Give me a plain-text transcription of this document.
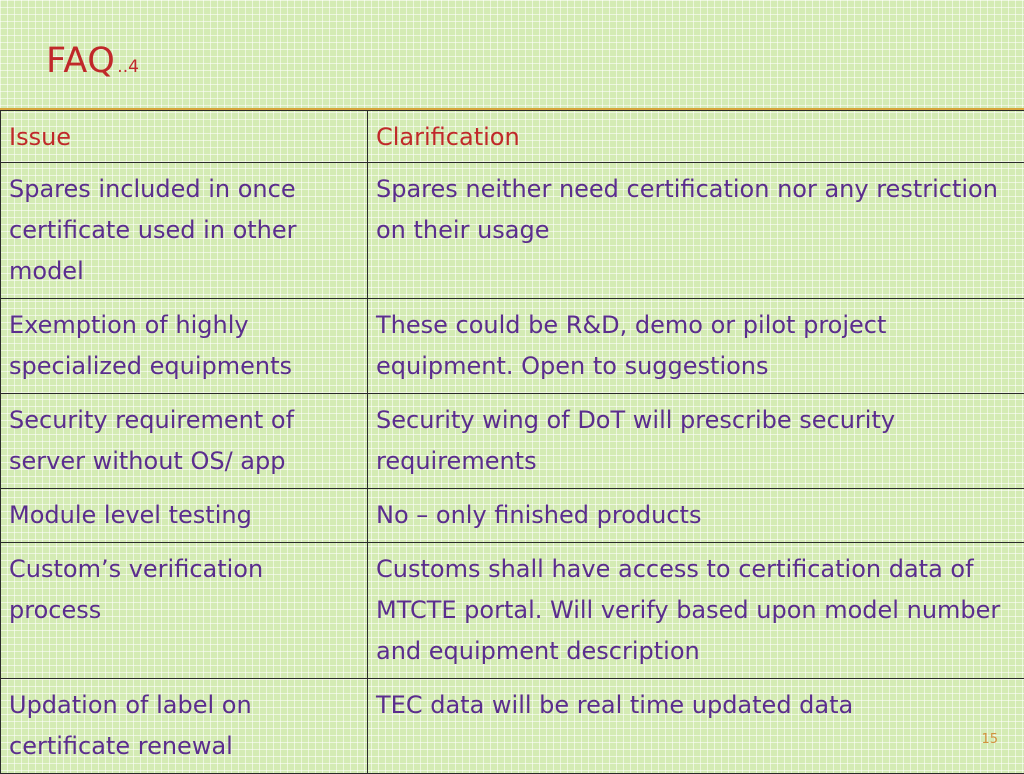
FAQ ..4
Issue	Clarification
Spares included in once certificate used in other model	Spares neither need certification nor any restriction on their usage
Exemption of highly specialized equipments	These could be R&D, demo or pilot project equipment. Open to suggestions
Security requirement of server without OS/ app	Security wing of DoT will prescribe security requirements
Module level testing	No – only finished products
Custom’s verification process	Customs shall have access to certification data of MTCTE portal. Will verify based upon model number and equipment description
Updation of label on certificate renewal	TEC data will be real time updated data
15
